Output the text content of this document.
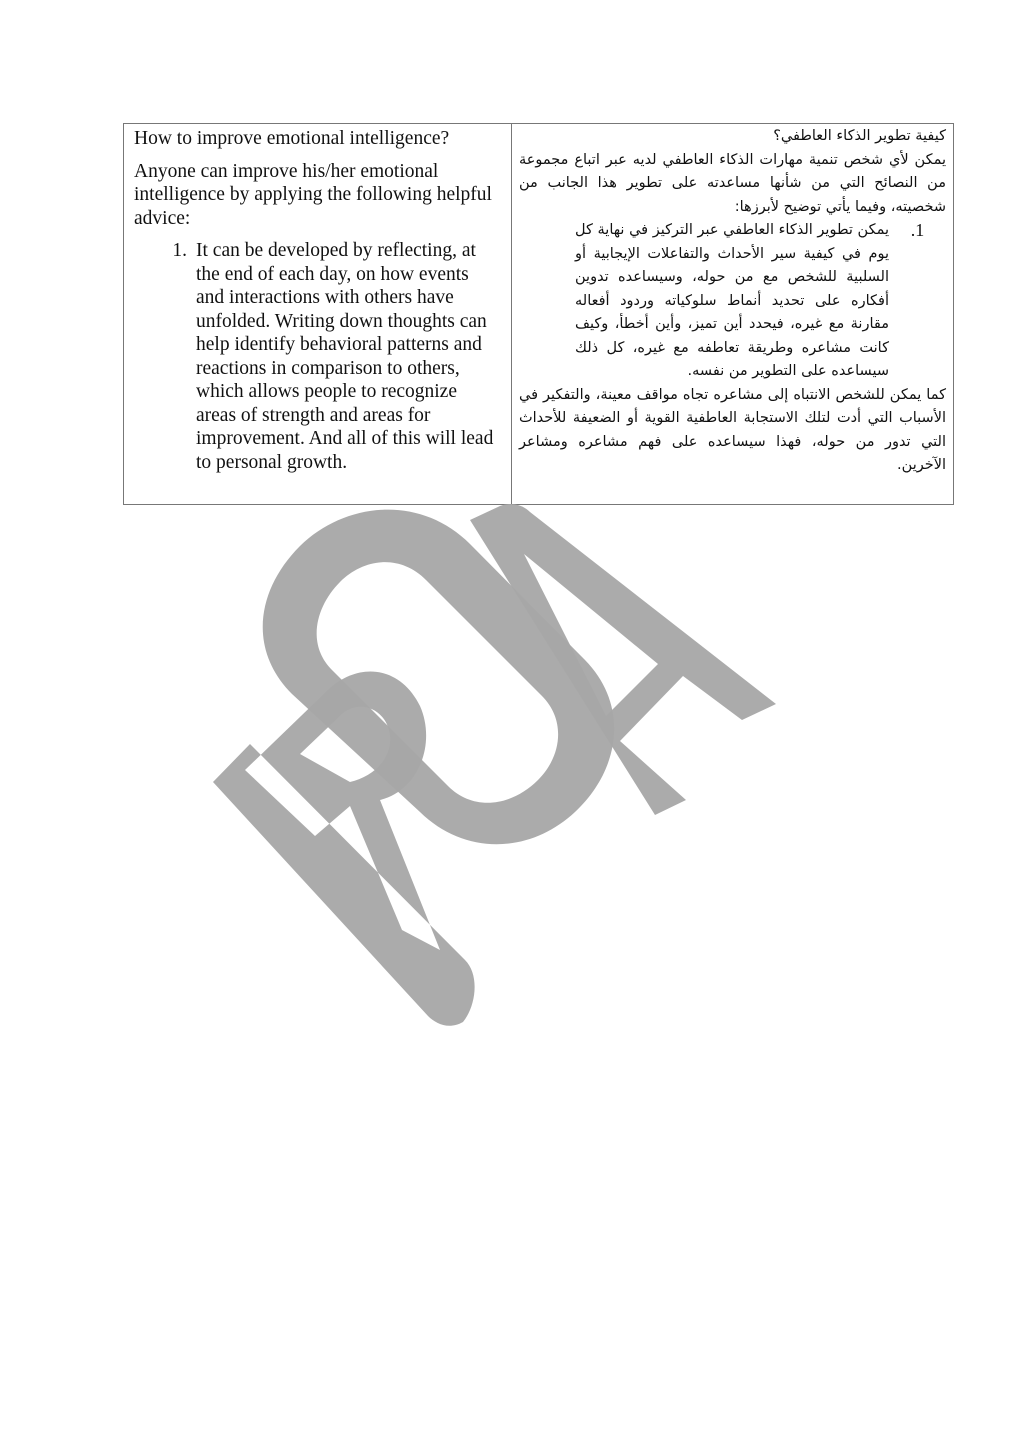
How to improve emotional intelligence?

Anyone can improve his/her emotional intelligence by applying the following helpful advice:

1. It can be developed by reflecting, at the end of each day, on how events and interactions with others have unfolded. Writing down thoughts can help identify behavioral patterns and reactions in comparison to others, which allows people to recognize areas of strength and areas for improvement. And all of this will lead to personal growth.

كيفية تطوير الذكاء العاطفي؟

يمكن لأي شخص تنمية مهارات الذكاء العاطفي لديه عبر اتباع مجموعة من النصائح التي من شأنها مساعدته على تطوير هذا الجانب من شخصيته، وفيما يأتي توضيح لأبرزها:

1.
يمكن تطوير الذكاء العاطفي عبر التركيز في نهاية كل يوم في كيفية سير الأحداث والتفاعلات الإيجابية أو السلبية للشخص مع من حوله، وسيساعده تدوين أفكاره على تحديد أنماط سلوكياته وردود أفعاله مقارنة مع غيره، فيحدد أين تميز، وأين أخطأ، وكيف كانت مشاعره وطريقة تعاطفه مع غيره، كل ذلك سيساعده على التطوير من نفسه.

كما يمكن للشخص الانتباه إلى مشاعره تجاه مواقف معينة، والتفكير في الأسباب التي أدت لتلك الاستجابة العاطفية القوية أو الضعيفة للأحداث التي تدور من حوله، فهذا سيساعده على فهم مشاعره ومشاعر الآخرين.
